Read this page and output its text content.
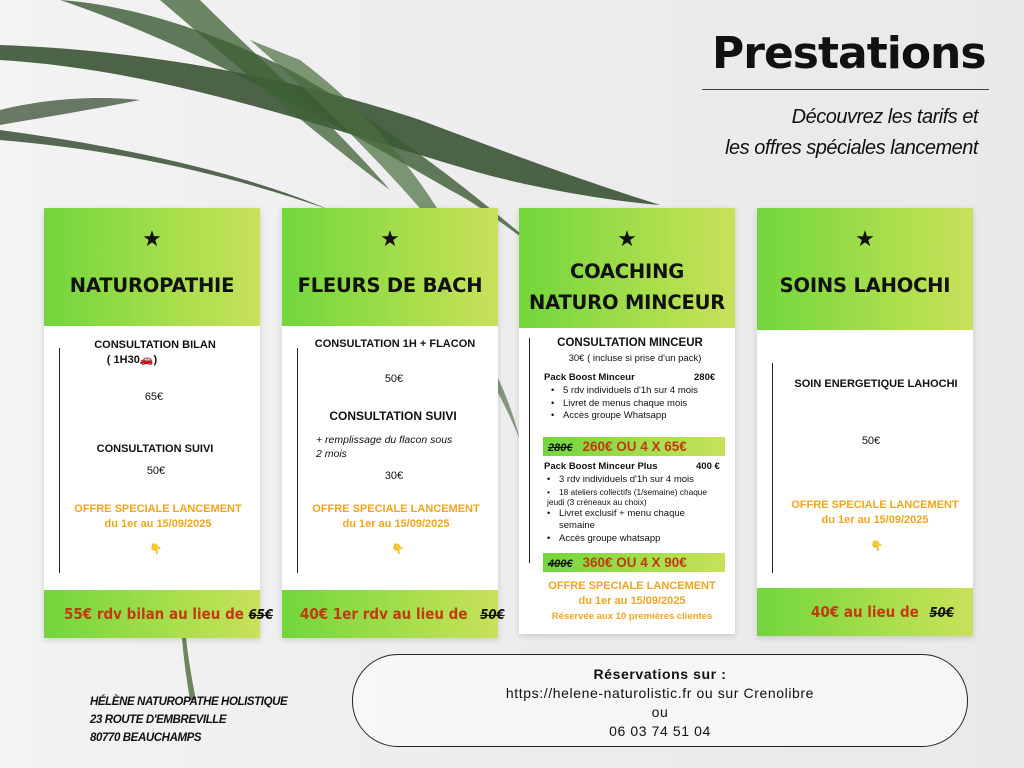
Prestations
Découvrez les tarifs et
les offres spéciales lancement
★
NATUROPATHIE
CONSULTATION BILAN
( 1H30🚗)
65€
CONSULTATION SUIVI
50€
OFFRE SPECIALE LANCEMENT
du 1er au 15/09/2025
👇
55€ rdv bilan au lieu de 65€
★
FLEURS DE BACH
CONSULTATION 1H + FLACON
50€
CONSULTATION SUIVI
+ remplissage du flacon sous
2 mois
30€
OFFRE SPECIALE LANCEMENT
du 1er au 15/09/2025
👇
40€ 1er rdv au lieu de 50€
★
COACHING
NATURO MINCEUR
CONSULTATION MINCEUR
30€ ( incluse si prise d'un pack)
Pack Boost Minceur	280€
• 5 rdv individuels d'1h sur 4 mois
• Livret de menus chaque mois
• Accès groupe Whatsapp
280€ 260€ OU 4 X 65€
Pack Boost Minceur Plus	400 €
• 3 rdv individuels d'1h sur 4 mois
• 18 ateliers collectifs (1/semaine) chaque
jeudi (3 créneaux au choix)
• Livret exclusif + menu chaque
semaine
• Accès groupe whatsapp
400€ 360€ OU 4 X 90€
OFFRE SPECIALE LANCEMENT
du 1er au 15/09/2025
Réservée aux 10 premières clientes
★
SOINS LAHOCHI
SOIN ENERGETIQUE LAHOCHI
50€
OFFRE SPECIALE LANCEMENT
du 1er au 15/09/2025
👇
40€ au lieu de 50€
HÉLÈNE NATUROPATHE HOLISTIQUE
23 ROUTE D'EMBREVILLE
80770 BEAUCHAMPS
Réservations sur :
https://helene-naturolistic.fr ou sur Crenolibre
ou
06 03 74 51 04
